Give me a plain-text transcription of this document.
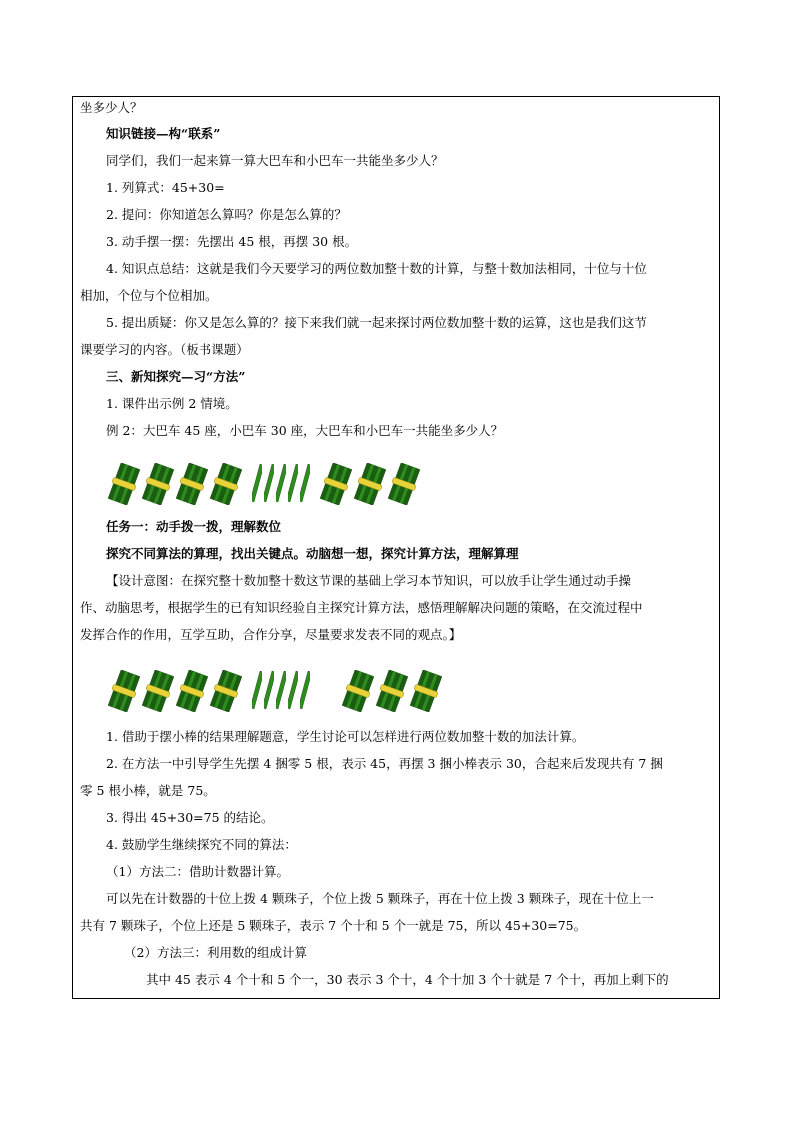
坐多少人？
知识链接—构“联系”
同学们，我们一起来算一算大巴车和小巴车一共能坐多少人？
1. 列算式：45+30=
2. 提问：你知道怎么算吗？你是怎么算的？
3. 动手摆一摆：先摆出 45 根，再摆 30 根。
4. 知识点总结：这就是我们今天要学习的两位数加整十数的计算，与整十数加法相同，十位与十位
相加，个位与个位相加。
5. 提出质疑：你又是怎么算的？接下来我们就一起来探讨两位数加整十数的运算，这也是我们这节
课要学习的内容。（板书课题）
三、新知探究—习“方法”
1. 课件出示例 2 情境。
例 2：大巴车 45 座，小巴车 30 座，大巴车和小巴车一共能坐多少人？
任务一：动手拨一拨，理解数位
探究不同算法的算理，找出关键点。动脑想一想，探究计算方法，理解算理
【设计意图：在探究整十数加整十数这节课的基础上学习本节知识，可以放手让学生通过动手操
作、动脑思考，根据学生的已有知识经验自主探究计算方法，感悟理解解决问题的策略，在交流过程中
发挥合作的作用，互学互助，合作分享，尽量要求发表不同的观点。】
1. 借助于摆小棒的结果理解题意，学生讨论可以怎样进行两位数加整十数的加法计算。
2. 在方法一中引导学生先摆 4 捆零 5 根，表示 45，再摆 3 捆小棒表示 30，合起来后发现共有 7 捆
零 5 根小棒，就是 75。
3. 得出 45+30=75 的结论。
4. 鼓励学生继续探究不同的算法：
（1）方法二：借助计数器计算。
可以先在计数器的十位上拨 4 颗珠子，个位上拨 5 颗珠子，再在十位上拨 3 颗珠子，现在十位上一
共有 7 颗珠子，个位上还是 5 颗珠子，表示 7 个十和 5 个一就是 75，所以 45+30=75。
（2）方法三：利用数的组成计算
其中 45 表示 4 个十和 5 个一，30 表示 3 个十，4 个十加 3 个十就是 7 个十，再加上剩下的
